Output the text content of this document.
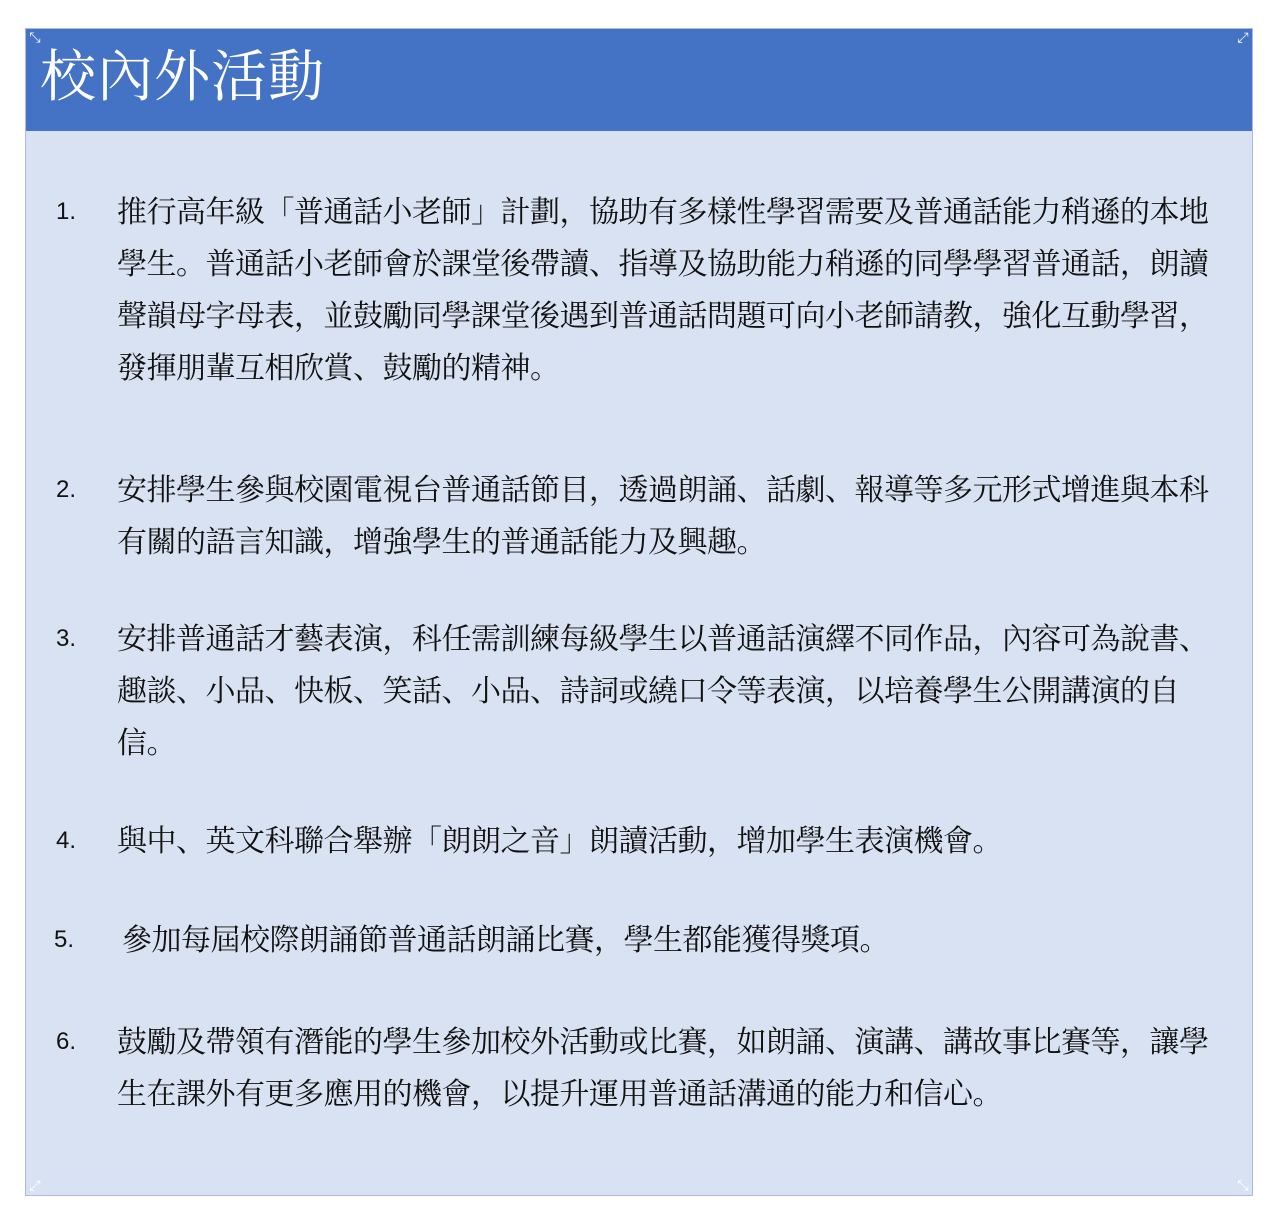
校內外活動
⤡	⤢
⤢	⤡
1. 推行高年級「普通話小老師」計劃，協助有多樣性學習需要及普通話能力稍遜的本地學生。普通話小老師會於課堂後帶讀、指導及協助能力稍遜的同學學習普通話，朗讀聲韻母字母表，並鼓勵同學課堂後遇到普通話問題可向小老師請教，強化互動學習，發揮朋輩互相欣賞、鼓勵的精神。

2. 安排學生參與校園電視台普通話節目，透過朗誦、話劇、報導等多元形式增進與本科有關的語言知識，增強學生的普通話能力及興趣。

3. 安排普通話才藝表演，科任需訓練每級學生以普通話演繹不同作品，內容可為說書、趣談、小品、快板、笑話、小品、詩詞或繞口令等表演，以培養學生公開講演的自信。

4. 與中、英文科聯合舉辦「朗朗之音」朗讀活動，增加學生表演機會。

5. 參加每屆校際朗誦節普通話朗誦比賽，學生都能獲得獎項。

6. 鼓勵及帶領有潛能的學生參加校外活動或比賽，如朗誦、演講、講故事比賽等，讓學生在課外有更多應用的機會，以提升運用普通話溝通的能力和信心。
